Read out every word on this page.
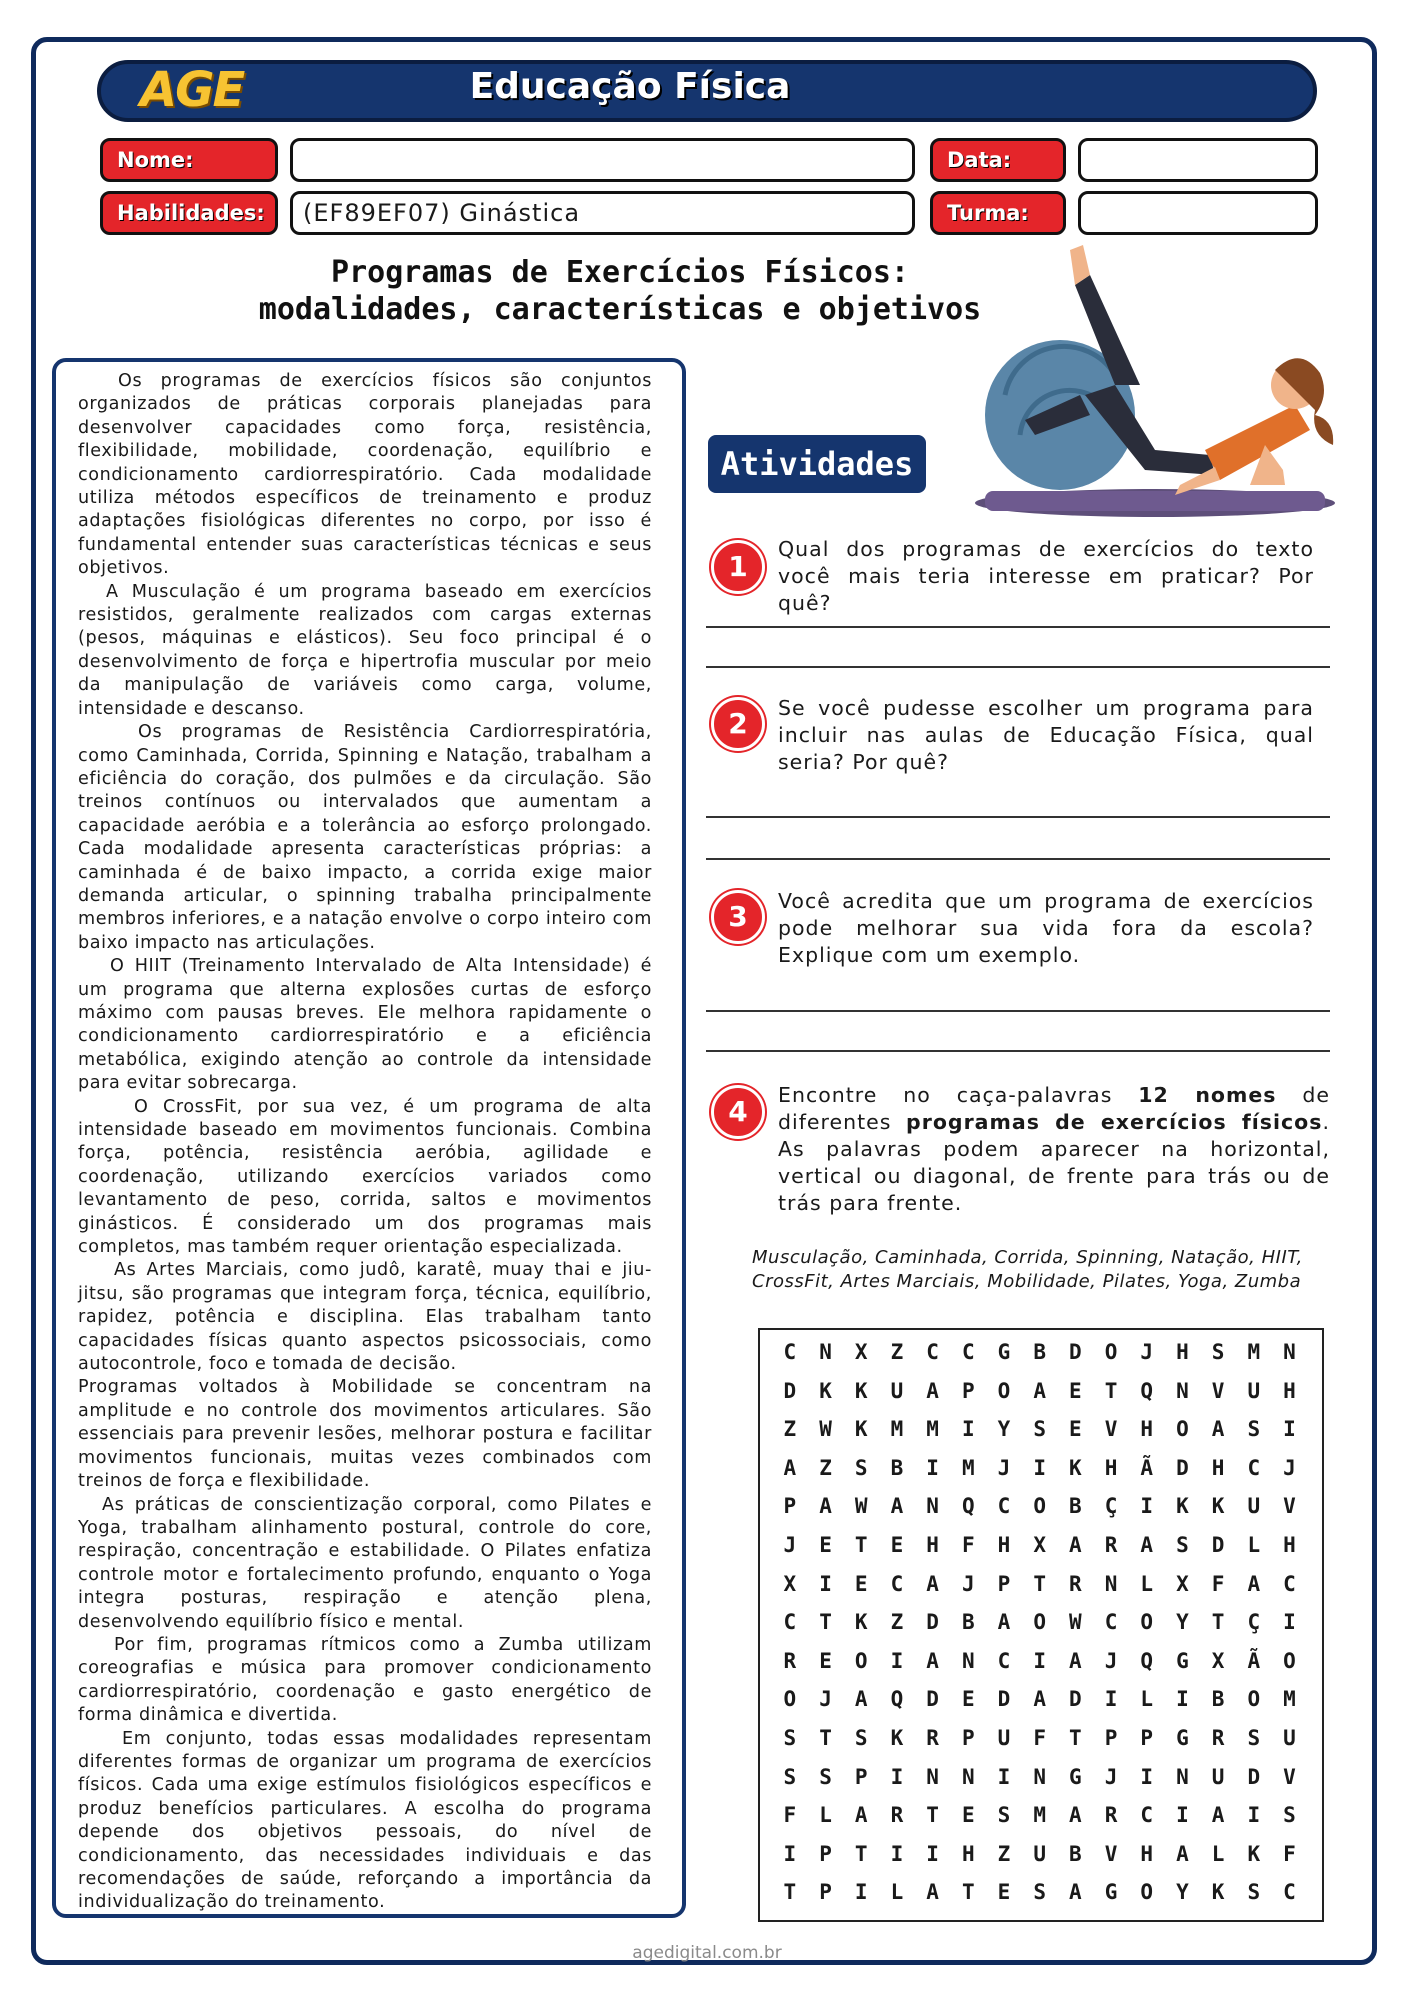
AGE	Educação Física
Nome:	Data:
Habilidades:	(EF89EF07) Ginástica	Turma:
Programas de Exercícios Físicos:
modalidades, características e objetivos

Os programas de exercícios físicos são conjuntos organizados de práticas corporais planejadas para desenvolver capacidades como força, resistência, flexibilidade, mobilidade, coordenação, equilíbrio e condicionamento cardiorrespiratório. Cada modalidade utiliza métodos específicos de treinamento e produz adaptações fisiológicas diferentes no corpo, por isso é fundamental entender suas características técnicas e seus objetivos.

A Musculação é um programa baseado em exercícios resistidos, geralmente realizados com cargas externas (pesos, máquinas e elásticos). Seu foco principal é o desenvolvimento de força e hipertrofia muscular por meio da manipulação de variáveis como carga, volume, intensidade e descanso.

Os programas de Resistência Cardiorrespiratória, como Caminhada, Corrida, Spinning e Natação, trabalham a eficiência do coração, dos pulmões e da circulação. São treinos contínuos ou intervalados que aumentam a capacidade aeróbia e a tolerância ao esforço prolongado. Cada modalidade apresenta características próprias: a caminhada é de baixo impacto, a corrida exige maior demanda articular, o spinning trabalha principalmente membros inferiores, e a natação envolve o corpo inteiro com baixo impacto nas articulações.

O HIIT (Treinamento Intervalado de Alta Intensidade) é um programa que alterna explosões curtas de esforço máximo com pausas breves. Ele melhora rapidamente o condicionamento cardiorrespiratório e a eficiência metabólica, exigindo atenção ao controle da intensidade para evitar sobrecarga.

O CrossFit, por sua vez, é um programa de alta intensidade baseado em movimentos funcionais. Combina força, potência, resistência aeróbia, agilidade e coordenação, utilizando exercícios variados como levantamento de peso, corrida, saltos e movimentos ginásticos. É considerado um dos programas mais completos, mas também requer orientação especializada.

As Artes Marciais, como judô, karatê, muay thai e jiu-jitsu, são programas que integram força, técnica, equilíbrio, rapidez, potência e disciplina. Elas trabalham tanto capacidades físicas quanto aspectos psicossociais, como autocontrole, foco e tomada de decisão.

Programas voltados à Mobilidade se concentram na amplitude e no controle dos movimentos articulares. São essenciais para prevenir lesões, melhorar postura e facilitar movimentos funcionais, muitas vezes combinados com treinos de força e flexibilidade.

As práticas de conscientização corporal, como Pilates e Yoga, trabalham alinhamento postural, controle do core, respiração, concentração e estabilidade. O Pilates enfatiza controle motor e fortalecimento profundo, enquanto o Yoga integra posturas, respiração e atenção plena, desenvolvendo equilíbrio físico e mental.

Por fim, programas rítmicos como a Zumba utilizam coreografias e música para promover condicionamento cardiorrespiratório, coordenação e gasto energético de forma dinâmica e divertida.

Em conjunto, todas essas modalidades representam diferentes formas de organizar um programa de exercícios físicos. Cada uma exige estímulos fisiológicos específicos e produz benefícios particulares. A escolha do programa depende dos objetivos pessoais, do nível de condicionamento, das necessidades individuais e das recomendações de saúde, reforçando a importância da individualização do treinamento.

Atividades
1
Qual dos programas de exercícios do texto você mais teria interesse em praticar? Por quê?
2	Se você pudesse escolher um programa para incluir nas aulas de Educação Física, qual seria? Por quê?
3	Você acredita que um programa de exercícios pode melhorar sua vida fora da escola? Explique com um exemplo.
4	Encontre no caça-palavras 12 nomes de diferentes programas de exercícios físicos. As palavras podem aparecer na horizontal, vertical ou diagonal, de frente para trás ou de trás para frente.
Musculação, Caminhada, Corrida, Spinning, Natação, HIIT, CrossFit, Artes Marciais, Mobilidade, Pilates, Yoga, Zumba
C N X Z C C G B D O J H S M N
D K K U A P O A E T Q N V U H
Z W K M M I Y S E V H O A S I
A Z S B I M J I K H Ã D H C J
P A W A N Q C O B Ç I K K U V
J E T E H F H X A R A S D L H
X I E C A J P T R N L X F A C
C T K Z D B A O W C O Y T Ç I
R E O I A N C I A J Q G X Ã O
O J A Q D E D A D I L I B O M
S T S K R P U F T P P G R S U
S S P I N N I N G J I N U D V
F L A R T E S M A R C I A I S
I P T I I H Z U B V H A L K F
T P I L A T E S A G O Y K S C
agedigital.com.br
